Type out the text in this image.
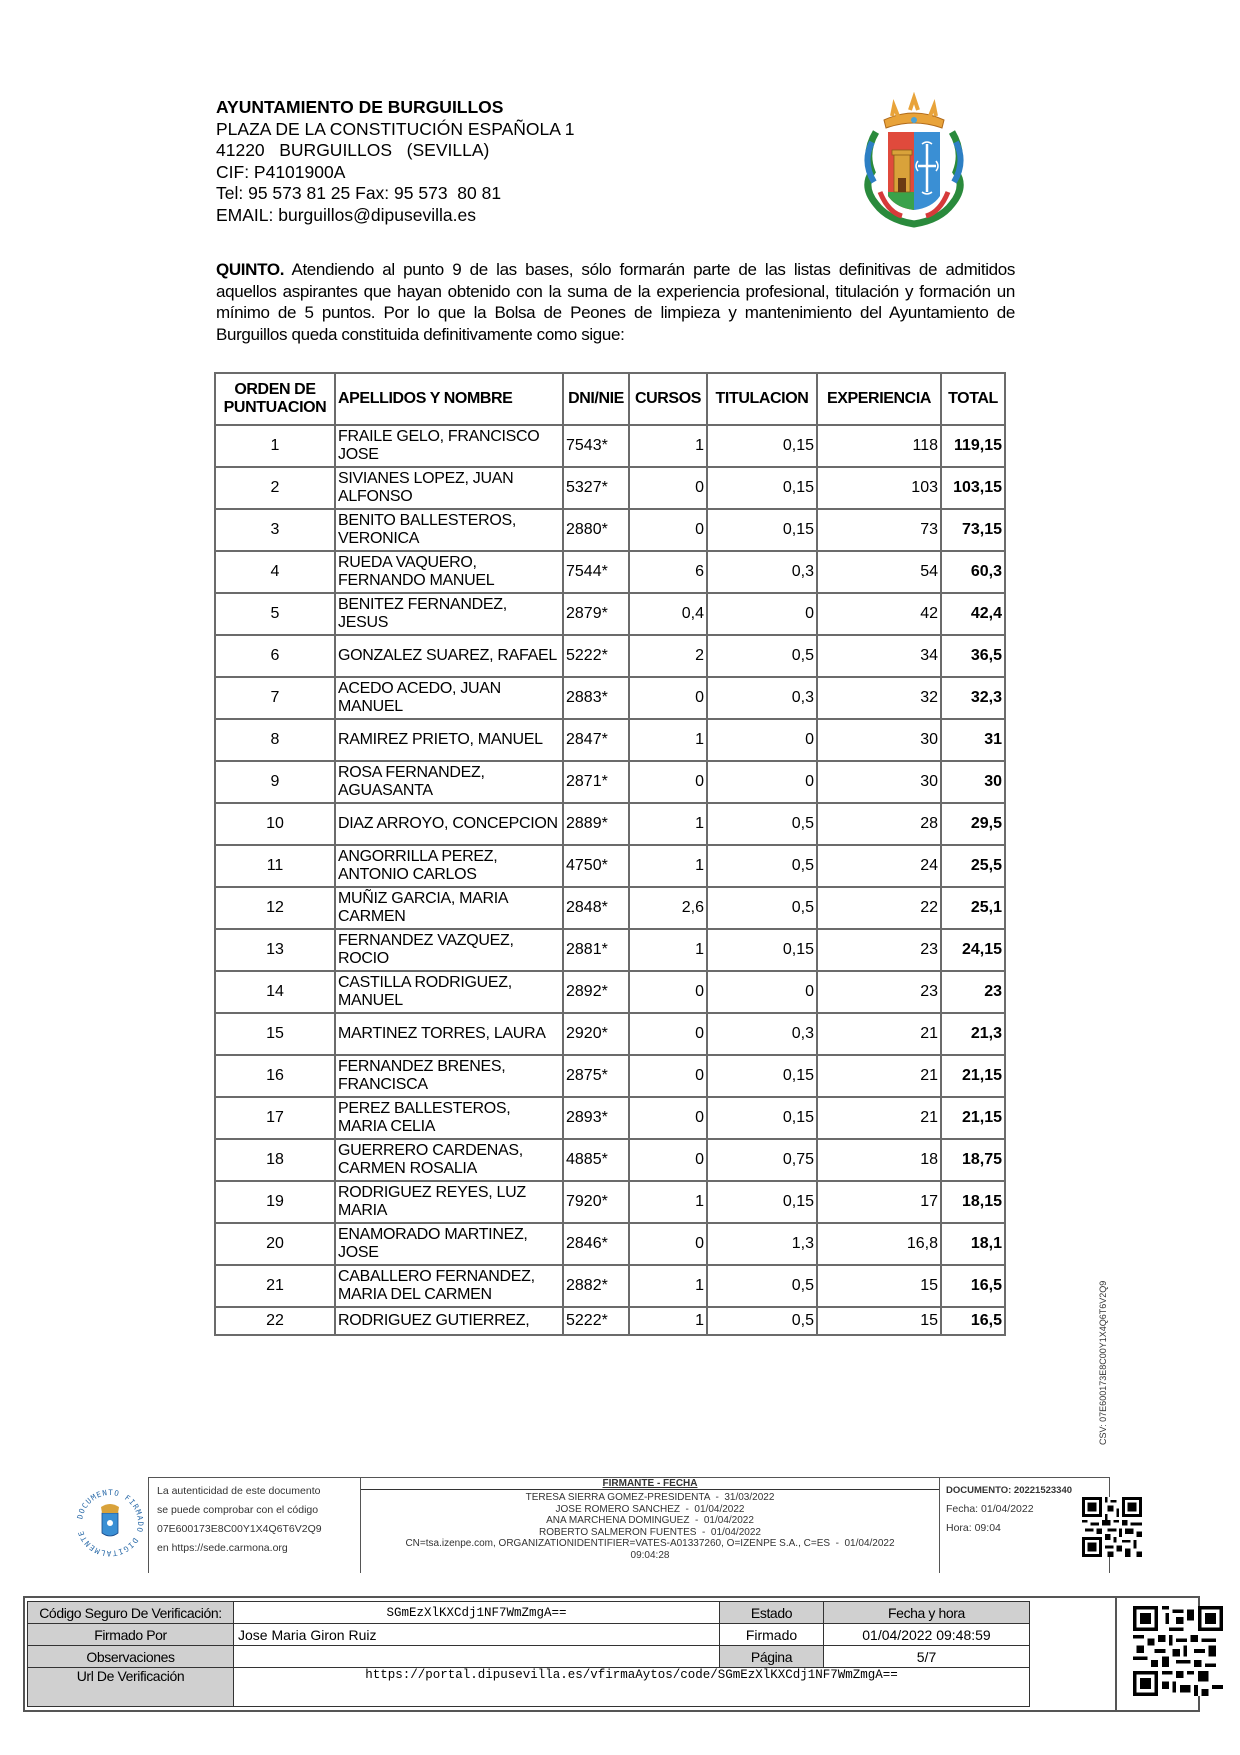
AYUNTAMIENTO DE BURGUILLOS
PLAZA DE LA CONSTITUCIÓN ESPAÑOLA 1
41220   BURGUILLOS   (SEVILLA)
CIF: P4101900A
Tel: 95 573 81 25 Fax: 95 573  80 81
EMAIL: burguillos@dipusevilla.es
QUINTO. Atendiendo al punto 9 de las bases, sólo formarán parte de las listas definitivas de admitidos aquellos aspirantes que hayan obtenido con la suma de la experiencia profesional, titulación y formación un mínimo de 5 puntos. Por lo que la Bolsa de Peones de limpieza y mantenimiento del Ayuntamiento de Burguillos queda constituida definitivamente como sigue:
ORDEN DE PUNTUACION	APELLIDOS Y NOMBRE	DNI/NIE	CURSOS	TITULACION	EXPERIENCIA	TOTAL
1	FRAILE GELO, FRANCISCO JOSE	7543*	1	0,15	118	119,15
2	SIVIANES LOPEZ, JUAN ALFONSO	5327*	0	0,15	103	103,15
3	BENITO BALLESTEROS, VERONICA	2880*	0	0,15	73	73,15
4	RUEDA VAQUERO, FERNANDO MANUEL	7544*	6	0,3	54	60,3
5	BENITEZ FERNANDEZ, JESUS	2879*	0,4	0	42	42,4
6	GONZALEZ SUAREZ, RAFAEL	5222*	2	0,5	34	36,5
7	ACEDO ACEDO, JUAN MANUEL	2883*	0	0,3	32	32,3
8	RAMIREZ PRIETO, MANUEL	2847*	1	0	30	31
9	ROSA FERNANDEZ, AGUASANTA	2871*	0	0	30	30
10	DIAZ ARROYO, CONCEPCION	2889*	1	0,5	28	29,5
11	ANGORRILLA PEREZ, ANTONIO CARLOS	4750*	1	0,5	24	25,5
12	MUÑIZ GARCIA, MARIA CARMEN	2848*	2,6	0,5	22	25,1
13	FERNANDEZ VAZQUEZ, ROCIO	2881*	1	0,15	23	24,15
14	CASTILLA RODRIGUEZ, MANUEL	2892*	0	0	23	23
15	MARTINEZ TORRES, LAURA	2920*	0	0,3	21	21,3
16	FERNANDEZ BRENES, FRANCISCA	2875*	0	0,15	21	21,15
17	PEREZ BALLESTEROS, MARIA CELIA	2893*	0	0,15	21	21,15
18	GUERRERO CARDENAS, CARMEN ROSALIA	4885*	0	0,75	18	18,75
19	RODRIGUEZ REYES, LUZ MARIA	7920*	1	0,15	17	18,15
20	ENAMORADO MARTINEZ, JOSE	2846*	0	1,3	16,8	18,1
21	CABALLERO FERNANDEZ, MARIA DEL CARMEN	2882*	1	0,5	15	16,5
22	RODRIGUEZ GUTIERREZ,	5222*	1	0,5	15	16,5	CSV: 07E600173E8C00Y1X4Q6T6V2Q9
DOCUMENTO FIRMADO DIGITALMENTE
La autenticidad de este documento
se puede comprobar con el código
07E600173E8C00Y1X4Q6T6V2Q9
en https://sede.carmona.org
FIRMANTE - FECHA
TERESA SIERRA GOMEZ-PRESIDENTA  -  31/03/2022
JOSE ROMERO SANCHEZ  -  01/04/2022
ANA MARCHENA DOMINGUEZ  -  01/04/2022
ROBERTO SALMERON FUENTES  -  01/04/2022
CN=tsa.izenpe.com, ORGANIZATIONIDENTIFIER=VATES-A01337260, O=IZENPE S.A., C=ES  -  01/04/2022
09:04:28
DOCUMENTO: 20221523340
Fecha: 01/04/2022
Hora: 09:04
Código Seguro De Verificación:	SGmEzXlKXCdj1NF7WmZmgA==	Estado	Fecha y hora
Firmado Por	Jose Maria Giron Ruiz	Firmado	01/04/2022 09:48:59
Observaciones		Página	5/7
Url De Verificación	https://portal.dipusevilla.es/vfirmaAytos/code/SGmEzXlKXCdj1NF7WmZmgA==		
